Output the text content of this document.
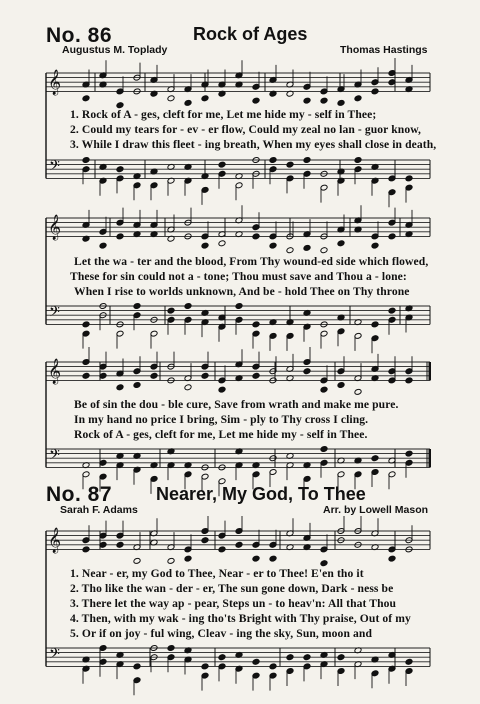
No. 86	Rock of Ages
Augustus M. Toplady	Thomas Hastings
𝄞
𝄢
𝄞
𝄢
𝄞
𝄢
𝄞
𝄢
1. Rock of A - ges, cleft for me, Let me hide my - self in Thee;
2. Could my tears for - ev - er flow, Could my zeal no lan - guor know,
3. While I draw this fleet - ing breath, When my eyes shall close in death,
Let the wa - ter and the blood, From Thy wound-ed side which flowed,
These for sin could not a - tone; Thou must save and Thou a - lone:
When I rise to worlds unknown, And be - hold Thee on Thy throne
Be of sin the dou - ble cure, Save from wrath and make me pure.
In my hand no price I bring, Sim - ply to Thy cross I cling.
Rock of A - ges, cleft for me, Let me hide my - self in Thee.
No. 87 Nearer, My God, To Thee
Sarah F. Adams	Arr. by Lowell Mason
1. Near - er, my God to Thee, Near - er to Thee! E'en tho it
2. Tho like the wan - der - er, The sun gone down, Dark - ness be
3. There let the way ap - pear, Steps un - to heav'n: All that Thou
4. Then, with my wak - ing tho'ts Bright with Thy praise, Out of my
5. Or if on joy - ful wing, Cleav - ing the sky, Sun, moon and
